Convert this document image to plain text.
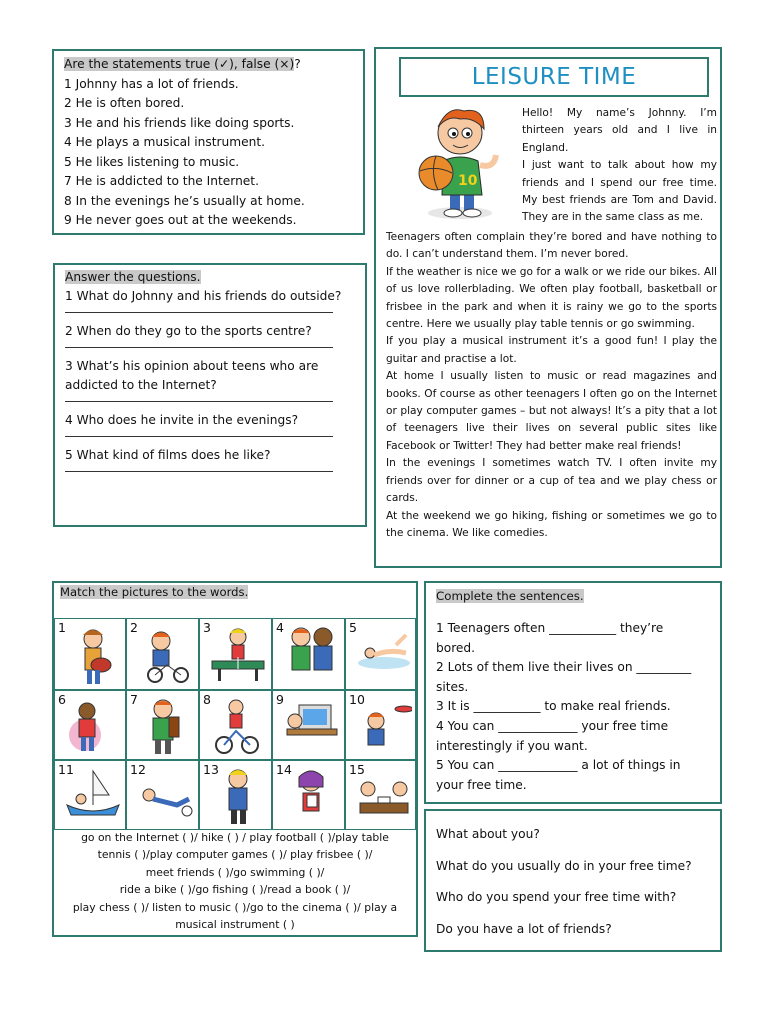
Are the statements true (✓), false (×)?
1 Johnny has a lot of friends.
2 He is often bored.
3 He and his friends like doing sports.
4 He plays a musical instrument.
5 He likes listening to music.
7 He is addicted to the Internet.
8 In the evenings he’s usually at home.
9 He never goes out at the weekends.
Answer the questions.
1 What do Johnny and his friends do outside?
2 When do they go to the sports centre?
3 What’s his opinion about teens who are
addicted to the Internet?
4 Who does he invite in the evenings?
5 What kind of films does he like?
LEISURE TIME
10

Hello! My name’s Johnny. I’m thirteen years old and I live in England.

I just want to talk about how my friends and I spend our free time. My best friends are Tom and David. They are in the same class as me.

Teenagers often complain they’re bored and have nothing to do. I can’t understand them. I’m never bored.

If the weather is nice we go for a walk or we ride our bikes. All of us love rollerblading. We often play football, basketball or frisbee in the park and when it is rainy we go to the sports centre. Here we usually play table tennis or go swimming.

If you play a musical instrument it’s a good fun! I play the guitar and practise a lot.

At home I usually listen to music or read magazines and books. Of course as other teenagers I often go on the Internet or play computer games – but not always! It’s a pity that a lot of teenagers live their lives on several public sites like Facebook or Twitter! They had better make real friends!

In the evenings I sometimes watch TV. I often invite my friends over for dinner or a cup of tea and we play chess or cards.

At the weekend we go hiking, fishing or sometimes we go to the cinema. We like comedies.

Match the pictures to the words.
1	2	3	4	5
6	7	8	9	10
11	12	13	14	15
go on the Internet ( )/ hike ( ) / play football ( )/play table
tennis ( )/play computer games ( )/ play frisbee ( )/
meet friends ( )/go swimming ( )/
ride a bike ( )/go fishing ( )/read a book ( )/
play chess ( )/ listen to music ( )/go to the cinema ( )/ play a
musical instrument ( )
Complete the sentences.
1 Teenagers often ___________ they’re
bored.
2 Lots of them live their lives on _________
sites.
3 It is ___________ to make real friends.
4 You can _____________ your free time
interestingly if you want.
5 You can _____________ a lot of things in
your free time.
What about you?
What do you usually do in your free time?
Who do you spend your free time with?
Do you have a lot of friends?
